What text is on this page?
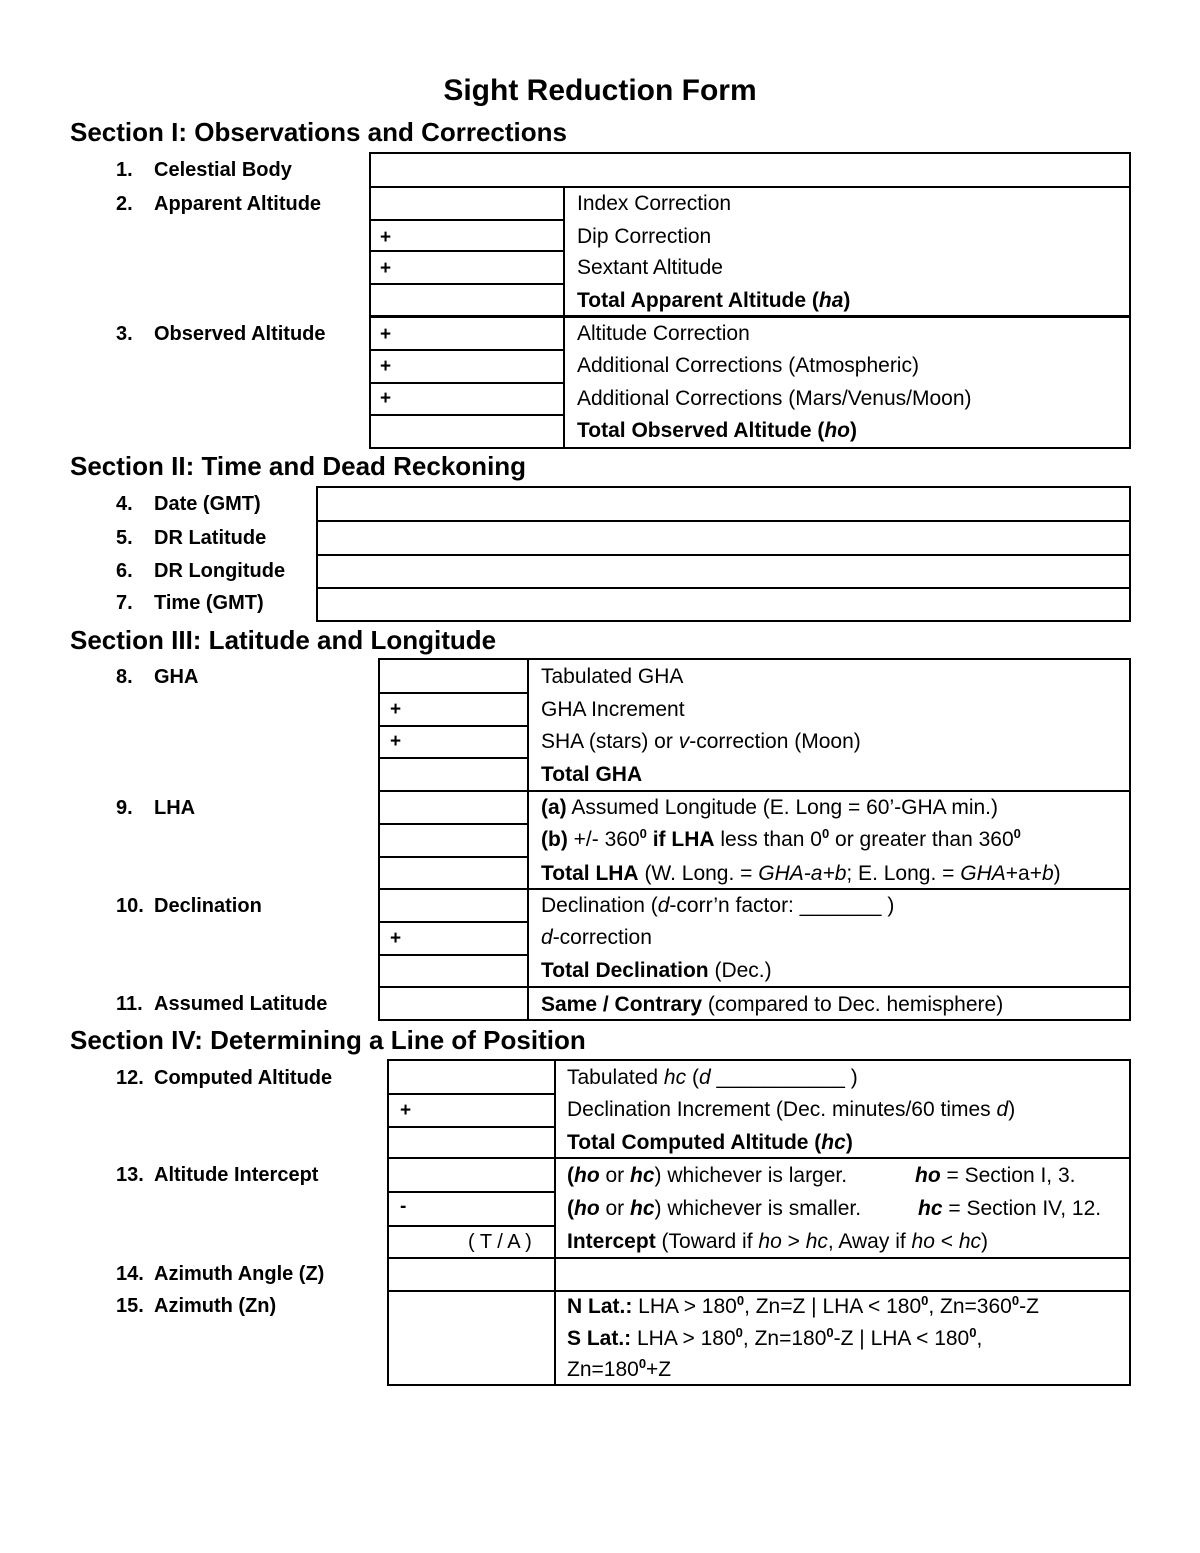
Sight Reduction Form
Section I: Observations and Corrections
1. Celestial Body
2. Apparent Altitude
3. Observed Altitude
+
+
Index Correction
Dip Correction
Sextant Altitude
Total Apparent Altitude (ha)
+
+
+
Altitude Correction
Additional Corrections (Atmospheric)
Additional Corrections (Mars/Venus/Moon)
Total Observed Altitude (ho)
Section II: Time and Dead Reckoning
4. Date (GMT)
5. DR Latitude
6. DR Longitude
7. Time (GMT)
Section III: Latitude and Longitude
8. GHA
9. LHA
10. Declination
11. Assumed Latitude
+
+
Tabulated GHA
GHA Increment
SHA (stars) or v-correction (Moon)
Total GHA
(a) Assumed Longitude (E. Long = 60’-GHA min.)
(b) +/- $360^0$ if LHA less than $0^0$ or greater than $360^0$
Total LHA (W. Long. = GHA-a+b; E. Long. = GHA+a+b)
+
Declination (d-corr’n factor: _______ )
d-correction
Total Declination (Dec.)
Same / Contrary (compared to Dec. hemisphere)
Section IV: Determining a Line of Position
12. Computed Altitude
13. Altitude Intercept
14. Azimuth Angle (Z)
15. Azimuth (Zn)
+
Tabulated hc (d ___________ )
Declination Increment (Dec. minutes/60 times d)
Total Computed Altitude (hc)
-
( T / A )
(ho or hc) whichever is larger.	ho = Section I, 3.
(ho or hc) whichever is smaller.	hc = Section IV, 12.
Intercept (Toward if ho > hc, Away if ho < hc)
N Lat.: LHA > $180^0$, Zn=Z | LHA < $180^0$, $Zn=360^0-Z$
S Lat.: LHA > $180^0$, $Zn=180^0-Z$ | LHA < $180^0$,
$Zn=180^0+Z$
